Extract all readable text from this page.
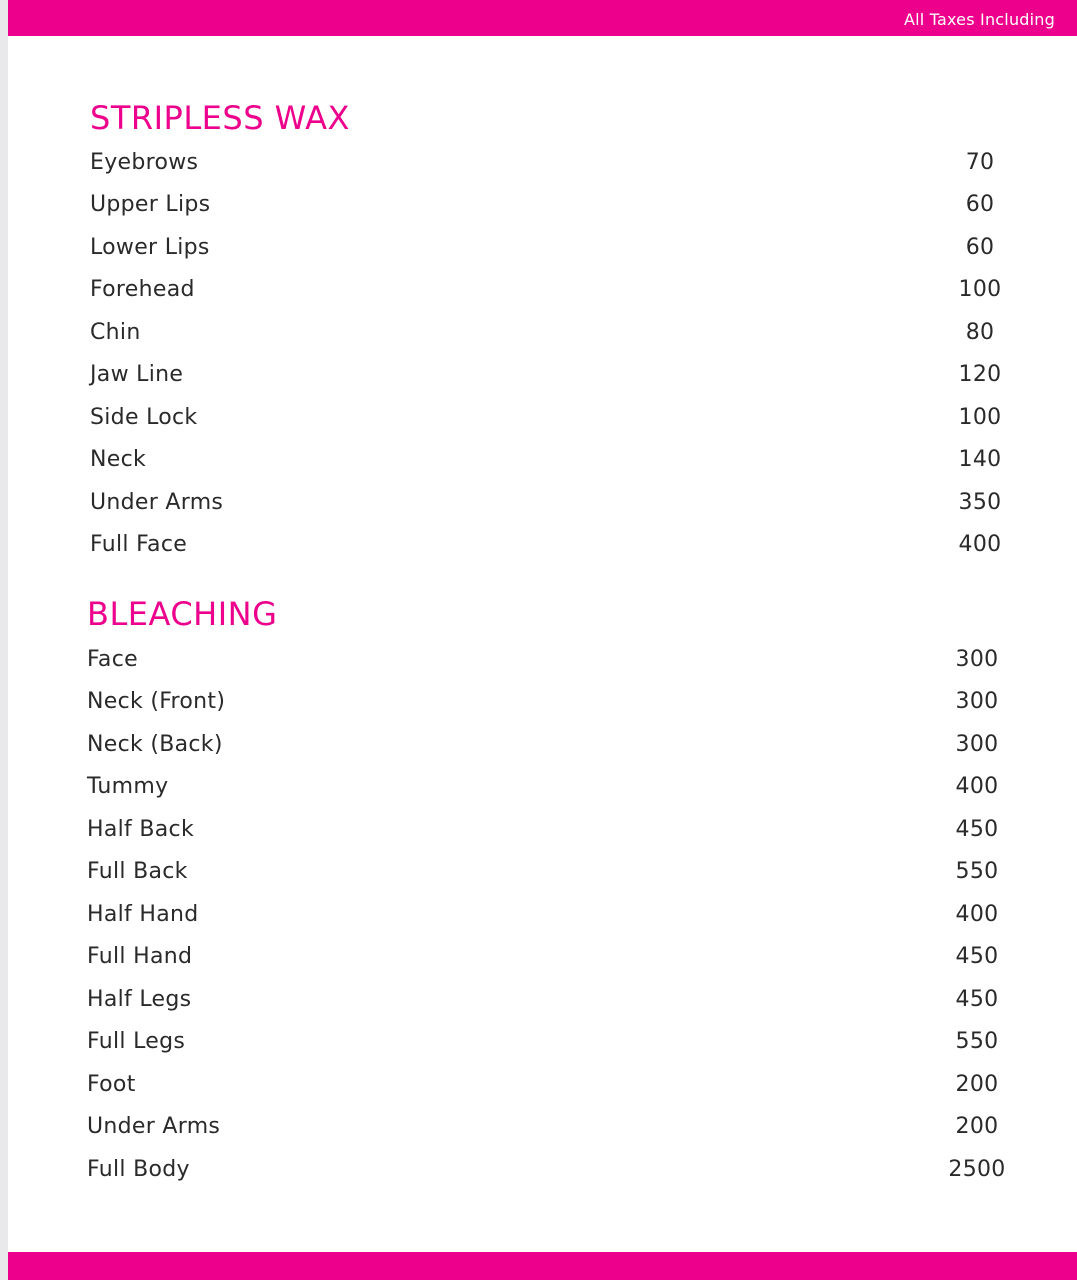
All Taxes Including
STRIPLESS WAX
Eyebrows	70
Upper Lips	60
Lower Lips	60
Forehead	100
Chin	80
Jaw Line	120
Side Lock	100
Neck	140
Under Arms	350
Full Face	400
BLEACHING
Face	300
Neck (Front)	300
Neck (Back)	300
Tummy	400
Half Back	450
Full Back	550
Half Hand	400
Full Hand	450
Half Legs	450
Full Legs	550
Foot	200
Under Arms	200
Full Body	2500
